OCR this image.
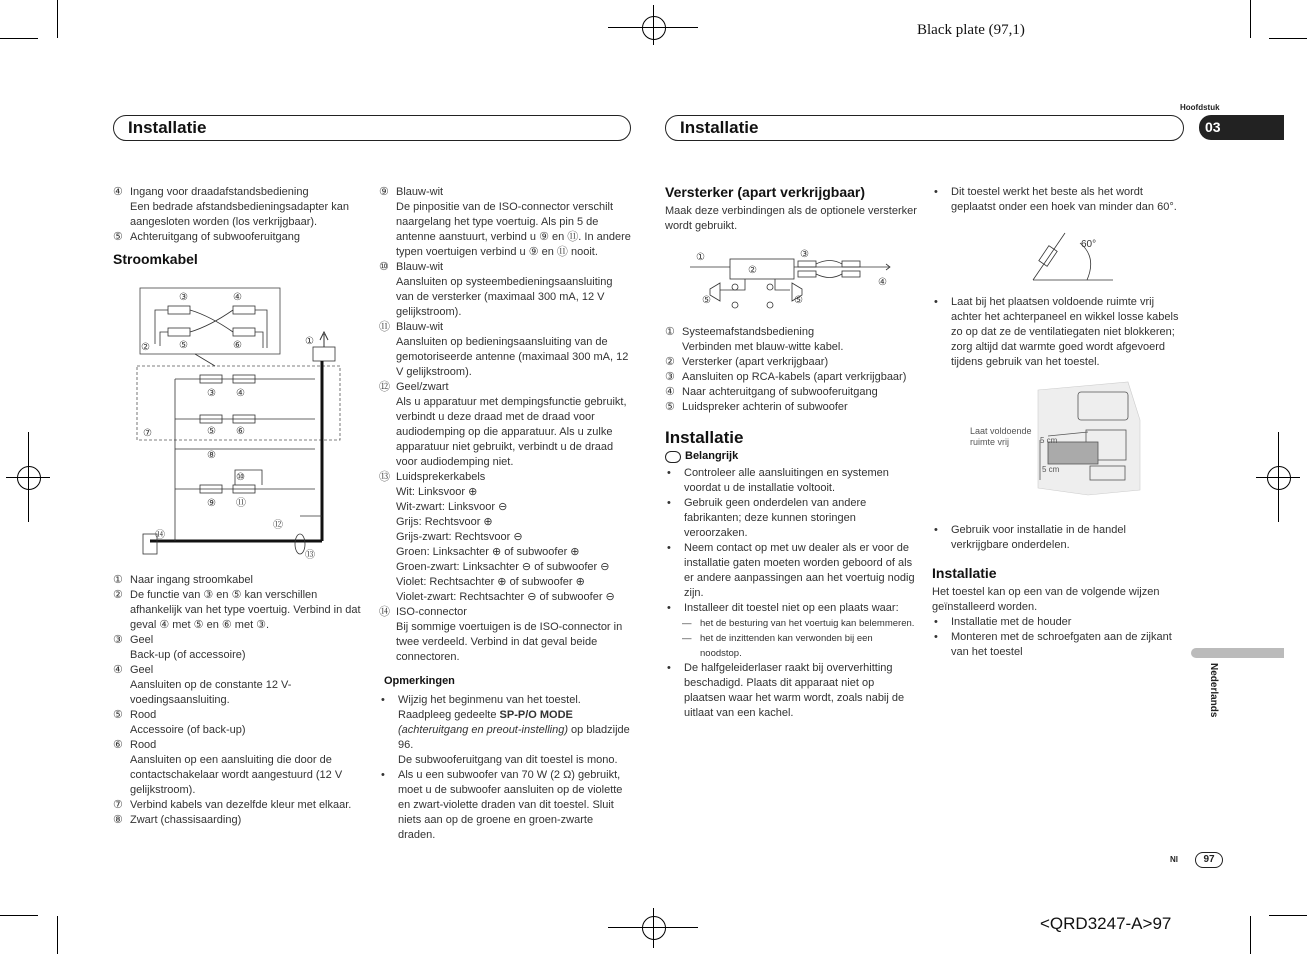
Black plate (97,1)
<QRD3247-A>97
Hoofdstuk
03
Installatie	Installatie
④ Ingang voor draadafstandsbediening
Een bedrade afstandsbedieningsadapter kan aangesloten worden (los verkrijgbaar).
⑤ Achteruitgang of subwooferuitgang
Stroomkabel
③	④
②	⑤	⑥	①
⑦
③ ④
⑤ ⑥
⑧
⑩
⑨ ⑪
⑫
⑭
⑬
① Naar ingang stroomkabel
② De functie van ③ en ⑤ kan verschillen afhankelijk van het type voertuig. Verbind in dat geval ④ met ⑤ en ⑥ met ③.
③ Geel
Back-up (of accessoire)
④ Geel
Aansluiten op de constante 12 V-voedingsaansluiting.
⑤ Rood
Accessoire (of back-up)
⑥ Rood
Aansluiten op een aansluiting die door de contactschakelaar wordt aangestuurd (12 V gelijkstroom).
⑦ Verbind kabels van dezelfde kleur met elkaar.
⑧ Zwart (chassisaarding)
⑨ Blauw-wit
De pinpositie van de ISO-connector verschilt naargelang het type voertuig. Als pin 5 de antenne aanstuurt, verbind u ⑨ en ⑪. In andere typen voertuigen verbind u ⑨ en ⑪ nooit.
⑩ Blauw-wit
Aansluiten op systeembedieningsaansluiting van de versterker (maximaal 300 mA, 12 V gelijkstroom).
⑪ Blauw-wit
Aansluiten op bedieningsaansluiting van de gemotoriseerde antenne (maximaal 300 mA, 12 V gelijkstroom).
⑫ Geel/zwart
Als u apparatuur met dempingsfunctie gebruikt, verbindt u deze draad met de draad voor audiodemping op die apparatuur. Als u zulke apparatuur niet gebruikt, verbindt u de draad voor audiodemping niet.
⑬ Luidsprekerkabels
Wit: Linksvoor ⊕
Wit-zwart: Linksvoor ⊖
Grijs: Rechtsvoor ⊕
Grijs-zwart: Rechtsvoor ⊖
Groen: Linksachter ⊕ of subwoofer ⊕
Groen-zwart: Linksachter ⊖ of subwoofer ⊖
Violet: Rechtsachter ⊕ of subwoofer ⊕
Violet-zwart: Rechtsachter ⊖ of subwoofer ⊖
⑭ ISO-connector
Bij sommige voertuigen is de ISO-connector in twee verdeeld. Verbind in dat geval beide connectoren.
Opmerkingen
•	Wijzig het beginmenu van het toestel. Raadpleeg gedeelte SP-P/O MODE (achteruitgang en preout-instelling) op bladzijde 96.
De subwooferuitgang van dit toestel is mono.
•	Als u een subwoofer van 70 W (2 Ω) gebruikt, moet u de subwoofer aansluiten op de violette en zwart-violette draden van dit toestel. Sluit niets aan op de groene en groen-zwarte draden.
Versterker (apart verkrijgbaar)
Maak deze verbindingen als de optionele versterker wordt gebruikt.
①	③
②
⑤	⑤
④
① Systeemafstandsbediening
Verbinden met blauw-witte kabel.
② Versterker (apart verkrijgbaar)
③ Aansluiten op RCA-kabels (apart verkrijgbaar)
④ Naar achteruitgang of subwooferuitgang
⑤ Luidspreker achterin of subwoofer
Installatie
Belangrijk
•	Controleer alle aansluitingen en systemen voordat u de installatie voltooit.
•	Gebruik geen onderdelen van andere fabrikanten; deze kunnen storingen veroorzaken.
•	Neem contact op met uw dealer als er voor de installatie gaten moeten worden geboord of als er andere aanpassingen aan het voertuig nodig zijn.
•	Installeer dit toestel niet op een plaats waar:
— het de besturing van het voertuig kan belemmeren.
— het de inzittenden kan verwonden bij een noodstop.
•	De halfgeleiderlaser raakt bij oververhitting beschadigd. Plaats dit apparaat niet op plaatsen waar het warm wordt, zoals nabij de uitlaat van een kachel.
•	Dit toestel werkt het beste als het wordt geplaatst onder een hoek van minder dan 60°.
60°
•	Laat bij het plaatsen voldoende ruimte vrij achter het achterpaneel en wikkel losse kabels zo op dat ze de ventilatiegaten niet blokkeren; zorg altijd dat warmte goed wordt afgevoerd tijdens gebruik van het toestel.
Laat voldoende ruimte vrij	5 cm
5 cm
•	Gebruik voor installatie in de handel verkrijgbare onderdelen.
Installatie
Het toestel kan op een van de volgende wijzen geïnstalleerd worden.
•	Installatie met de houder
•	Monteren met de schroefgaten aan de zijkant van het toestel
Nederlands
Nl	97
